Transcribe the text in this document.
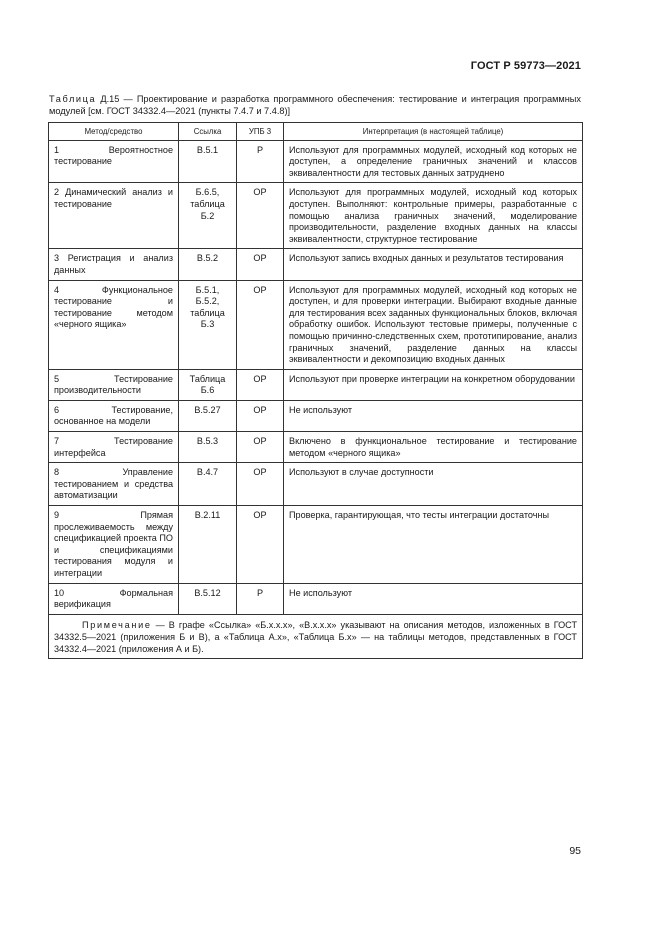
ГОСТ Р 59773—2021
Таблица Д.15 — Проектирование и разработка программного обеспечения: тестирование и интеграция программных модулей [см. ГОСТ 34332.4—2021 (пункты 7.4.7 и 7.4.8)]
Метод/средство	Ссылка	УПБ 3	Интерпретация (в настоящей таблице)
1 Вероятностное тестирование	В.5.1	Р	Используют для программных модулей, исходный код которых не доступен, а определение граничных значений и классов эквивалентности для тестовых данных затруднено
2 Динамический анализ и тестирование	Б.6.5, таблица Б.2	ОР	Используют для программных модулей, исходный код которых доступен. Выполняют: контрольные примеры, разработанные с помощью анализа граничных значений, моделирование производительности, разделение входных данных на классы эквивалентности, структурное тестирование
3 Регистрация и анализ данных	В.5.2	ОР	Используют запись входных данных и результатов тестирования
4 Функциональное тестирование и тестирование методом «черного ящика»	Б.5.1, Б.5.2, таблица Б.3	ОР	Используют для программных модулей, исходный код которых не доступен, и для проверки интеграции. Выбирают входные данные для тестирования всех заданных функциональных блоков, включая обработку ошибок. Используют тестовые примеры, полученные с помощью причинно-следственных схем, прототипирование, анализ граничных значений, разделение данных на классы эквивалентности и декомпозицию входных данных
5 Тестирование производительности	Таблица Б.6	ОР	Используют при проверке интеграции на конкретном оборудовании
6 Тестирование, основанное на модели	В.5.27	ОР	Не используют
7 Тестирование интерфейса	В.5.3	ОР	Включено в функциональное тестирование и тестирование методом «черного ящика»
8 Управление тестированием и средства автоматизации	В.4.7	ОР	Используют в случае доступности
9 Прямая прослеживаемость между спецификацией проекта ПО и спецификациями тестирования модуля и интеграции	В.2.11	ОР	Проверка, гарантирующая, что тесты интеграции достаточны
10 Формальная верификация	В.5.12	Р	Не используют
Примечание — В графе «Ссылка» «Б.х.х.х», «В.х.х.х» указывают на описания методов, изложенных в ГОСТ 34332.5—2021 (приложения Б и В), а «Таблица А.х», «Таблица Б.х» — на таблицы методов, представленных в ГОСТ 34332.4—2021 (приложения А и Б).			
95
